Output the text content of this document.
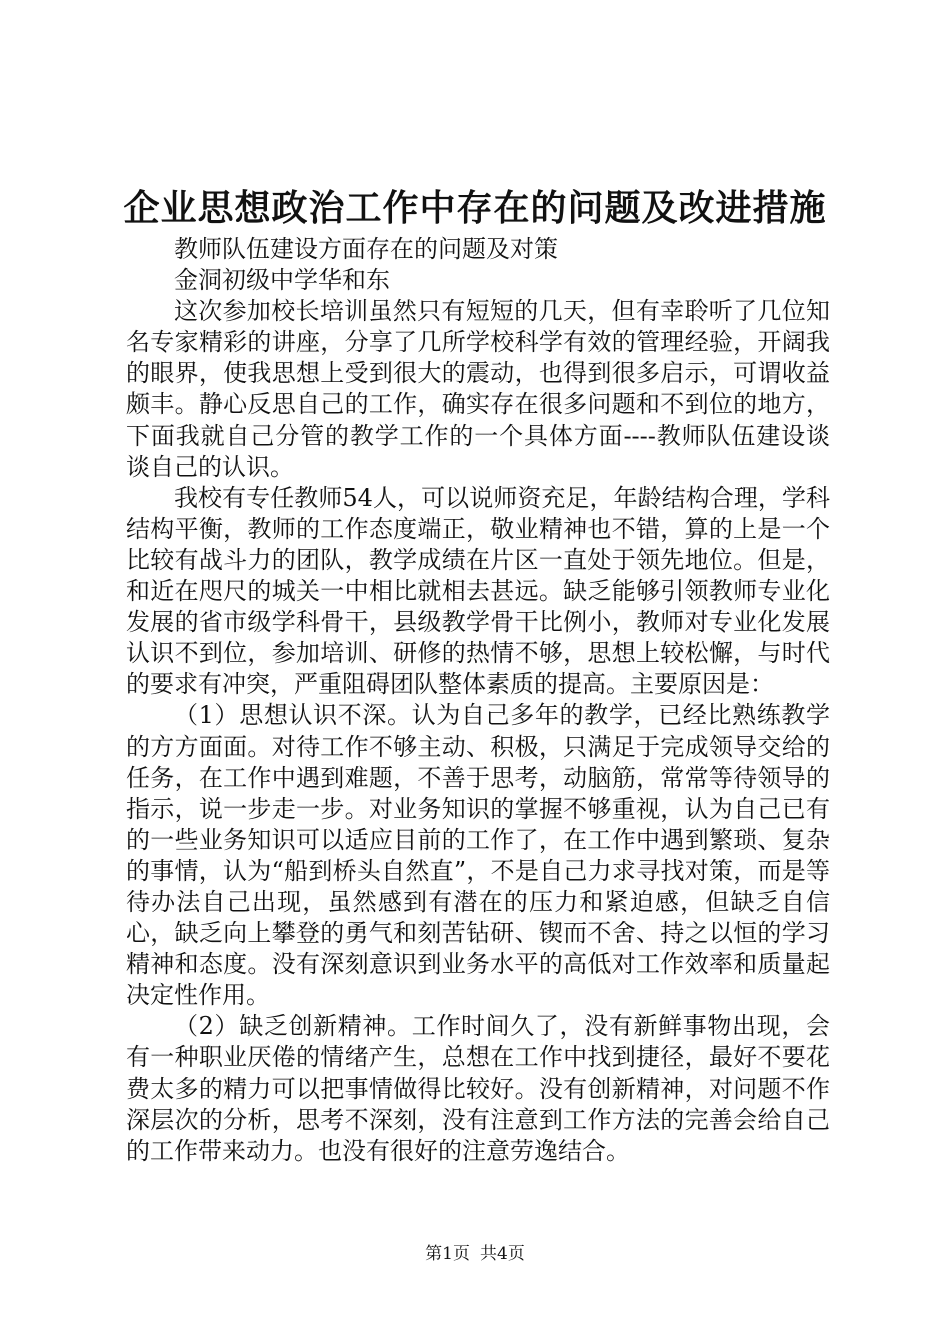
企业思想政治工作中存在的问题及改进措施

教师队伍建设方面存在的问题及对策

金洞初级中学华和东

这次参加校长培训虽然只有短短的几天，但有幸聆听了几位知名专家精彩的讲座，分享了几所学校科学有效的管理经验，开阔我的眼界，使我思想上受到很大的震动，也得到很多启示，可谓收益颇丰。静心反思自己的工作，确实存在很多问题和不到位的地方，下面我就自己分管的教学工作的一个具体方面----教师队伍建设谈谈自己的认识。

我校有专任教师54人，可以说师资充足，年龄结构合理，学科结构平衡，教师的工作态度端正，敬业精神也不错，算的上是一个比较有战斗力的团队，教学成绩在片区一直处于领先地位。但是，和近在咫尺的城关一中相比就相去甚远。缺乏能够引领教师专业化发展的省市级学科骨干，县级教学骨干比例小，教师对专业化发展认识不到位，参加培训、研修的热情不够，思想上较松懈，与时代的要求有冲突，严重阻碍团队整体素质的提高。主要原因是：

（1）思想认识不深。认为自己多年的教学，已经比熟练教学的方方面面。对待工作不够主动、积极，只满足于完成领导交给的任务，在工作中遇到难题，不善于思考，动脑筋，常常等待领导的指示，说一步走一步。对业务知识的掌握不够重视，认为自己已有的一些业务知识可以适应目前的工作了，在工作中遇到繁琐、复杂的事情，认为“船到桥头自然直”，不是自己力求寻找对策，而是等待办法自己出现，虽然感到有潜在的压力和紧迫感，但缺乏自信心，缺乏向上攀登的勇气和刻苦钻研、锲而不舍、持之以恒的学习精神和态度。没有深刻意识到业务水平的高低对工作效率和质量起决定性作用。

（2）缺乏创新精神。工作时间久了，没有新鲜事物出现，会有一种职业厌倦的情绪产生，总想在工作中找到捷径，最好不要花费太多的精力可以把事情做得比较好。没有创新精神，对问题不作深层次的分析，思考不深刻，没有注意到工作方法的完善会给自己的工作带来动力。也没有很好的注意劳逸结合。

第1页 共4页
